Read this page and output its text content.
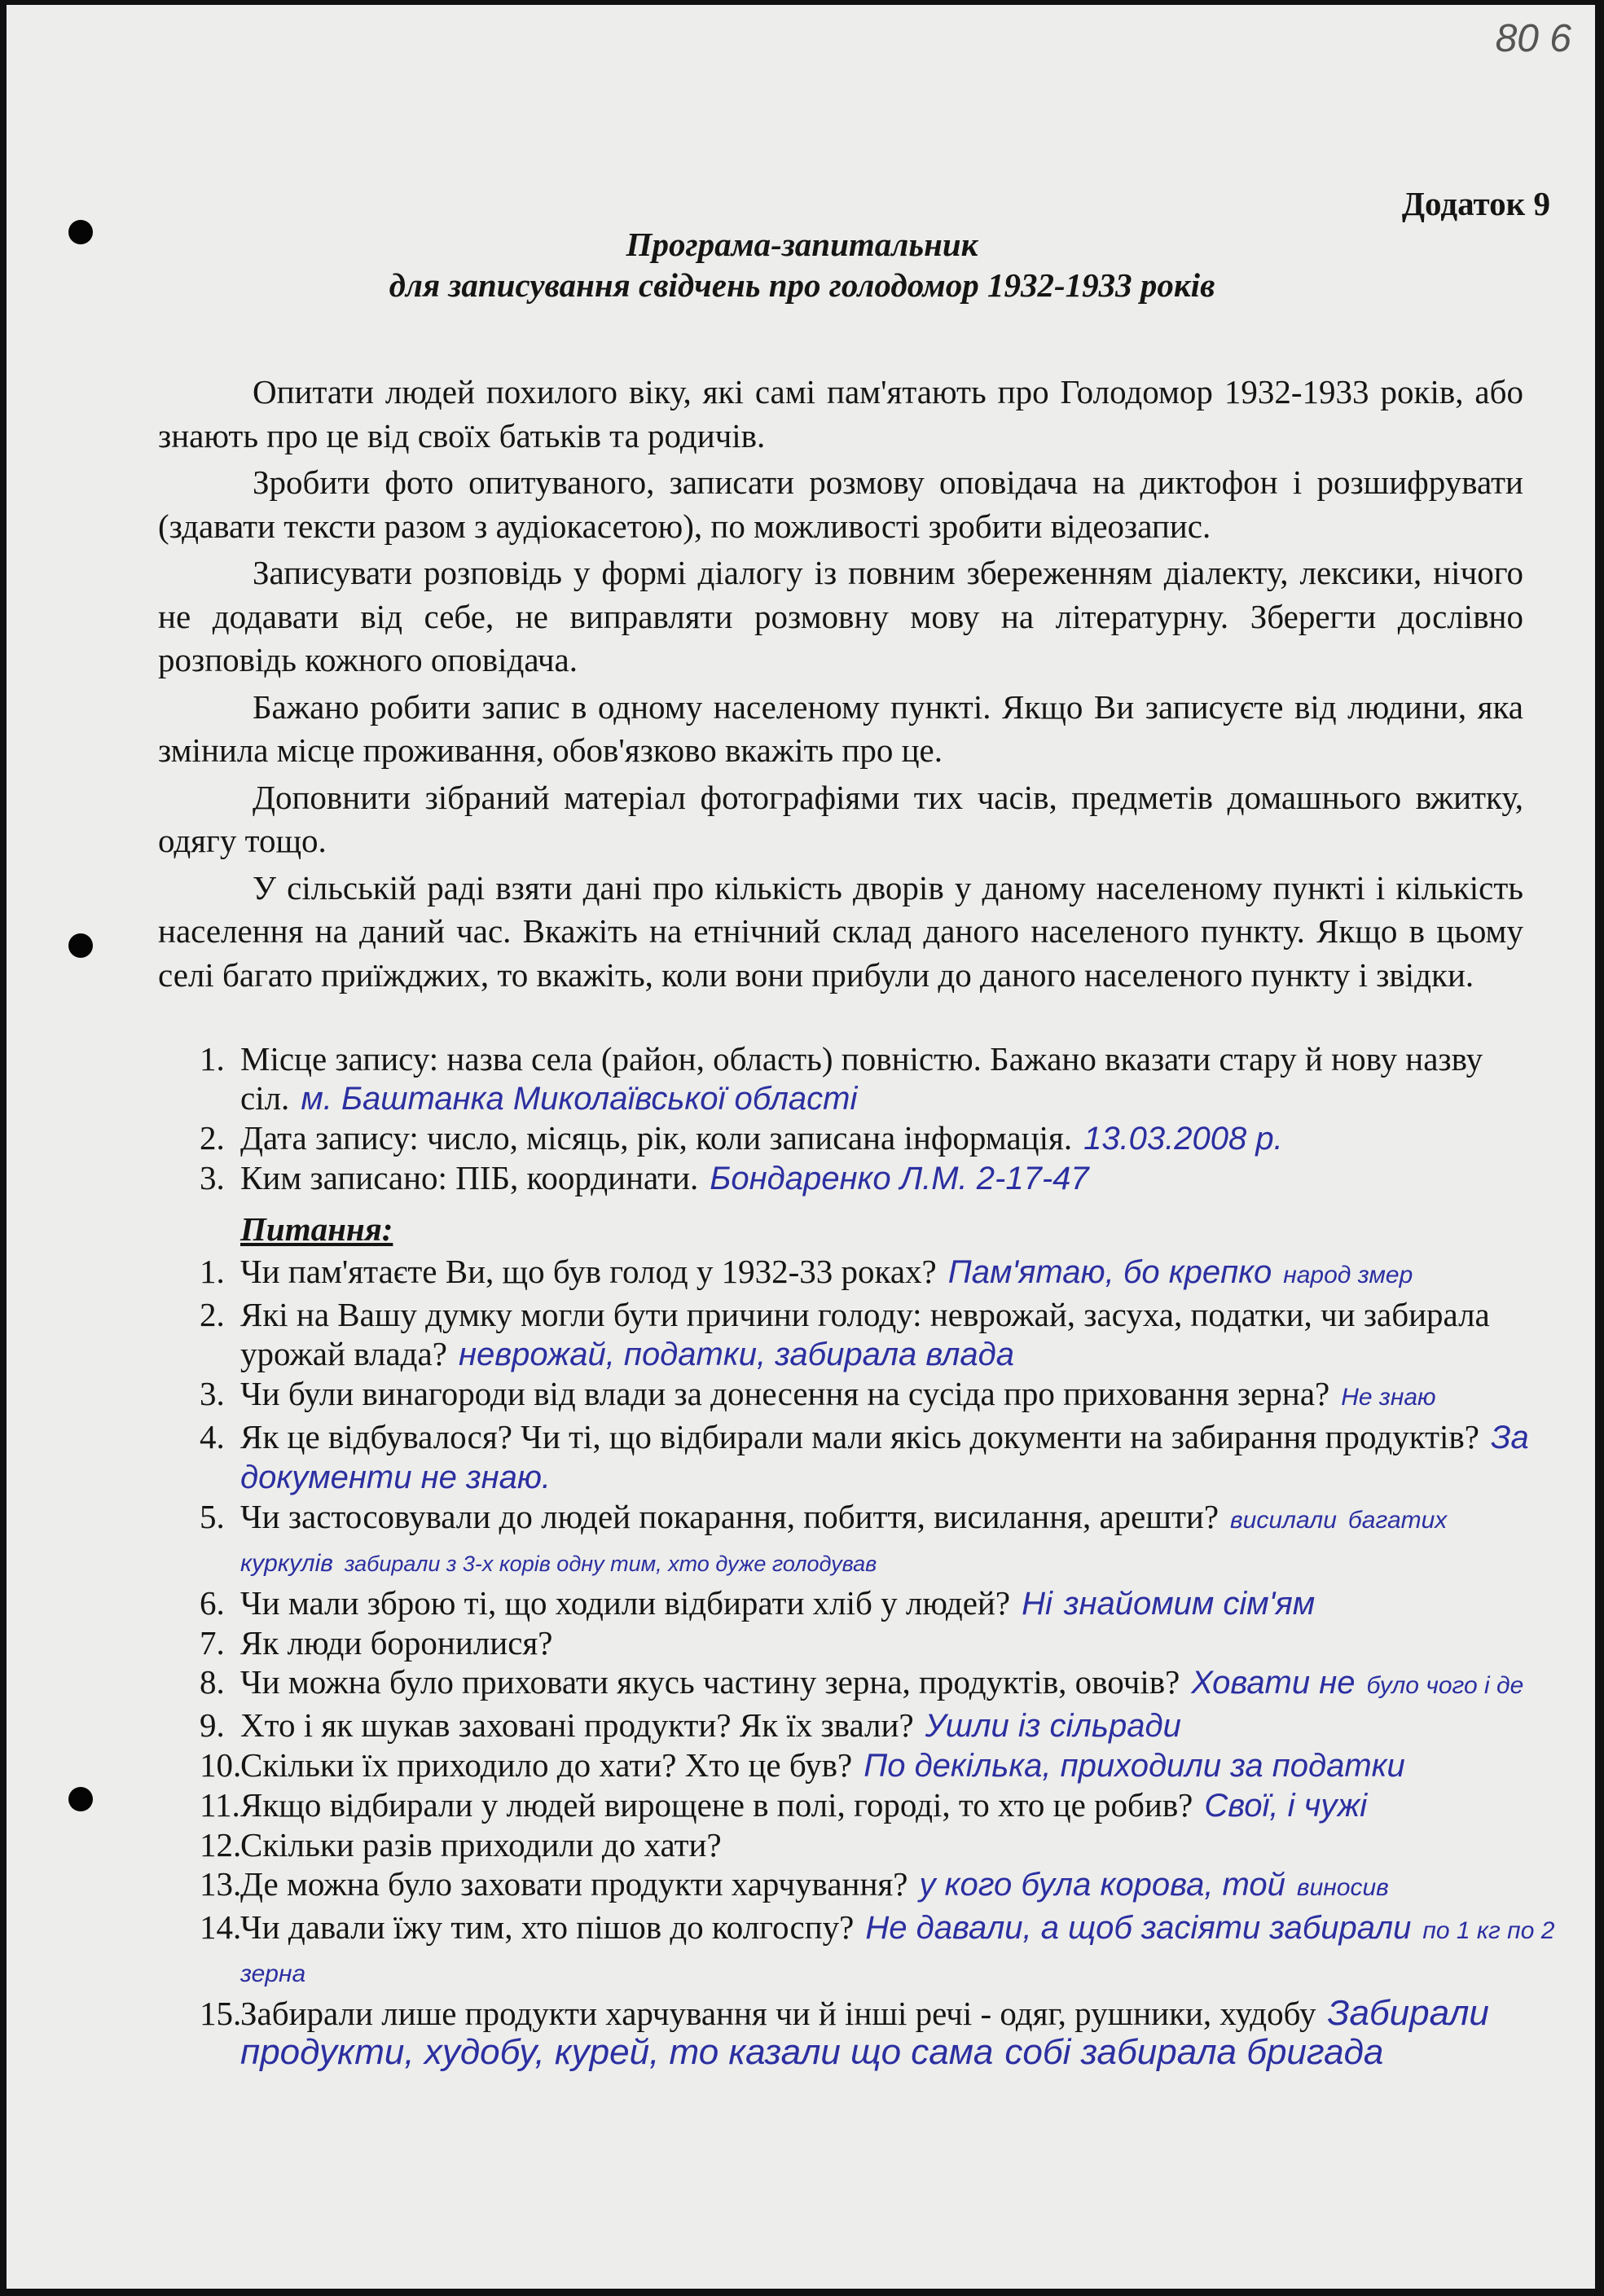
80 6
Додаток 9
Програма-запитальник
для записування свідчень про голодомор 1932-1933 років

Опитати людей похилого віку, які самі пам'ятають про Голодомор 1932-1933 років, або знають про це від своїх батьків та родичів.

Зробити фото опитуваного, записати розмову оповідача на диктофон і розшифрувати (здавати тексти разом з аудіокасетою), по можливості зробити відеозапис.

Записувати розповідь у формі діалогу із повним збереженням діалекту, лексики, нічого не додавати від себе, не виправляти розмовну мову на літературну. Зберегти дослівно розповідь кожного оповідача.

Бажано робити запис в одному населеному пункті. Якщо Ви записуєте від людини, яка змінила місце проживання, обов'язково вкажіть про це.

Доповнити зібраний матеріал фотографіями тих часів, предметів домашнього вжитку, одягу тощо.

У сільській раді взяти дані про кількість дворів у даному населеному пункті і кількість населення на даний час. Вкажіть на етнічний склад даного населеного пункту. Якщо в цьому селі багато приїжджих, то вкажіть, коли вони прибули до даного населеного пункту і звідки.

1. Місце запису: назва села (район, область) повністю. Бажано вказати стару й нову назву сіл. м. Баштанка Миколаївської області
2. Дата запису: число, місяць, рік, коли записана інформація. 13.03.2008 р.
3. Ким записано: ПІБ, координати. Бондаренко Л.М. 2-17-47
Питання:
1. Чи пам'ятаєте Ви, що був голод у 1932-33 роках? Пам'ятаю, бо крепко народ змер
2. Які на Вашу думку могли бути причини голоду: неврожай, засуха, податки, чи забирала урожай влада? неврожай, податки, забирала влада
3. Чи були винагороди від влади за донесення на сусіда про приховання зерна? Не знаю
4. Як це відбувалося? Чи ті, що відбирали мали якісь документи на забирання продуктів? За документи не знаю.
5. Чи застосовували до людей покарання, побиття, висилання, арешти? висилали багатих куркулів забирали з 3-х корів одну тим, хто дуже голодував
6. Чи мали зброю ті, що ходили відбирати хліб у людей? Ні знайомим сім'ям
7. Як люди боронилися?
8. Чи можна було приховати якусь частину зерна, продуктів, овочів? Ховати не було чого і де
9. Хто і як шукав заховані продукти? Як їх звали? Ушли із сільради
10.
Скільки їх приходило до хати? Хто це був? По декілька, приходили за податки
11. Якщо відбирали у людей вирощене в полі, городі, то хто це робив? Свої, і чужі
12.
Скільки разів приходили до хати?
13.
Де можна було заховати продукти харчування? у кого була корова, той виносив
14.
Чи давали їжу тим, хто пішов до колгоспу? Не давали, а щоб засіяти забирали по 1 кг по 2 зерна
15.
Забирали лише продукти харчування чи й інші речі - одяг, рушники, худобу Забирали продукти, худобу, курей, то казали що сама собі забирала бригада
